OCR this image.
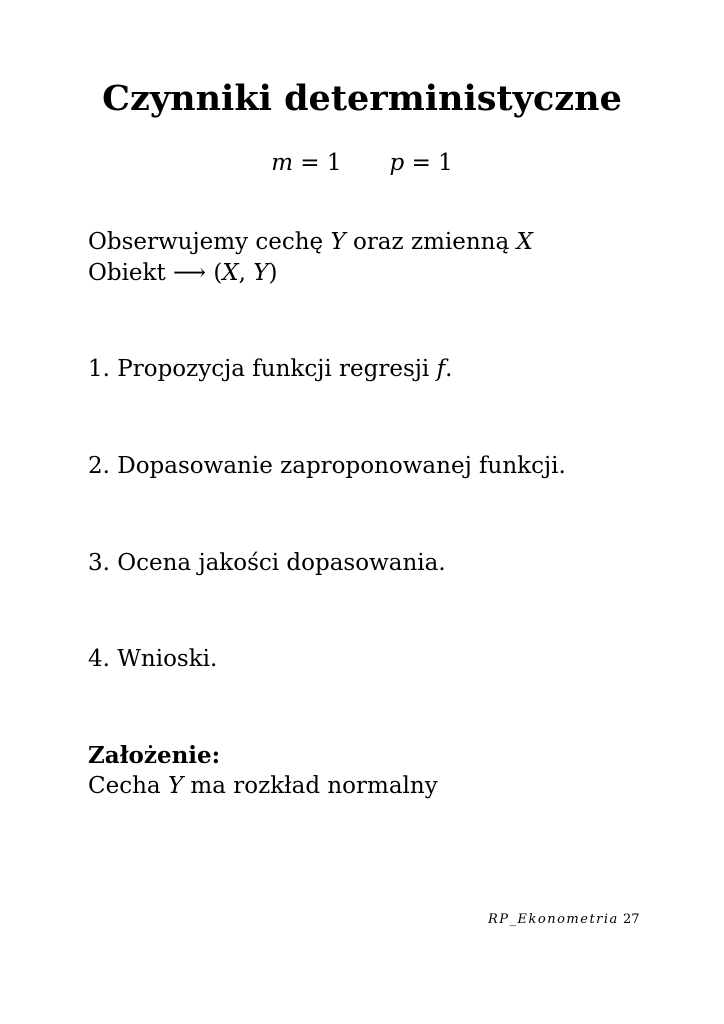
Czynniki deterministyczne
m = 1 p = 1

Obserwujemy cechę Y oraz zmienną X

Obiekt ⟶ (X, Y)

1. Propozycja funkcji regresji f.

2. Dopasowanie zaproponowanej funkcji.

3. Ocena jakości dopasowania.

4. Wnioski.

Założenie:

Cecha Y ma rozkład normalny

RP_Ekonometria 27
